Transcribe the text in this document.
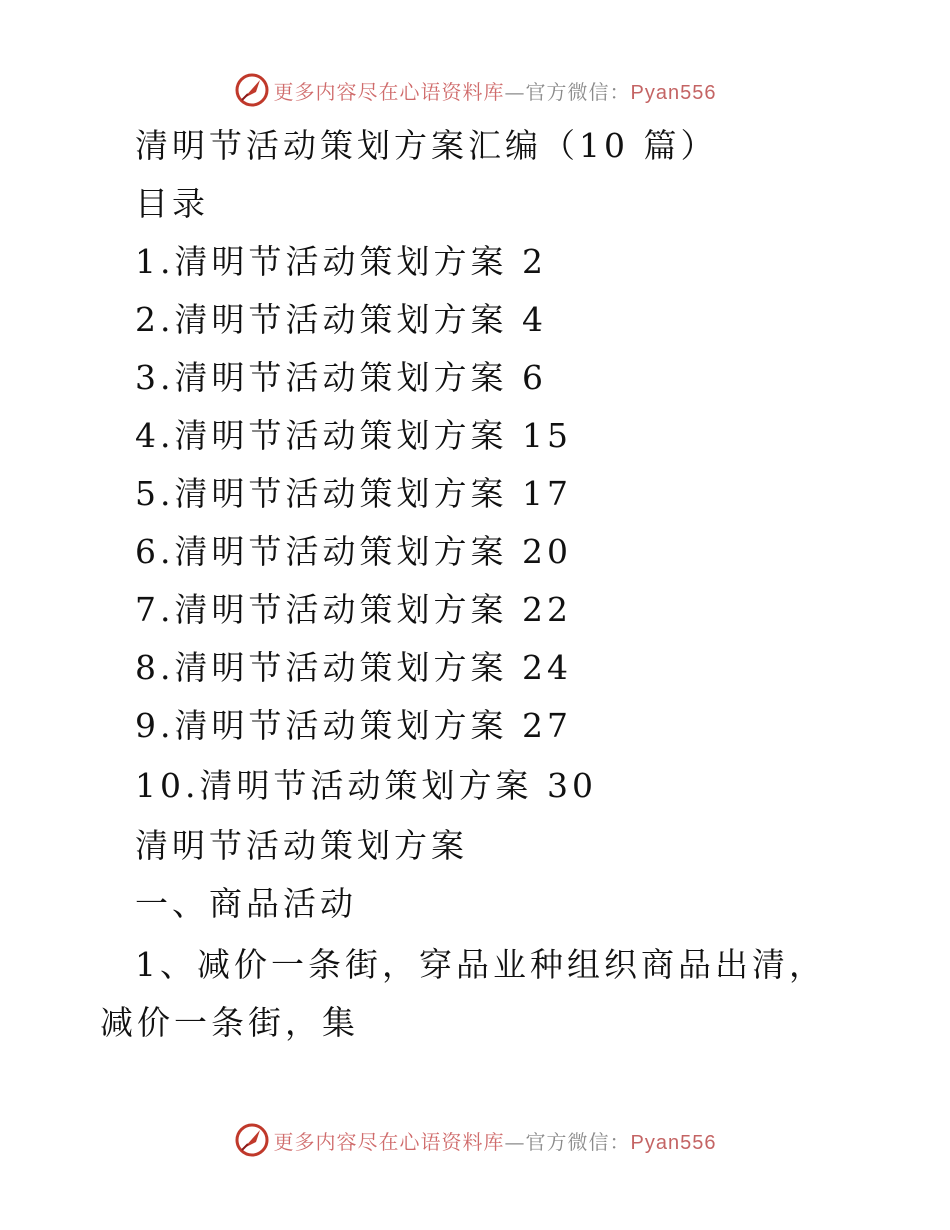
更多内容尽在心语资料库 — 官方微信： Pyan556
清明节活动策划方案汇编（10 篇）
目录
1.清明节活动策划方案 2
2.清明节活动策划方案 4
3.清明节活动策划方案 6
4.清明节活动策划方案 15
5.清明节活动策划方案 17
6.清明节活动策划方案 20
7.清明节活动策划方案 22
8.清明节活动策划方案 24
9.清明节活动策划方案 27
10.清明节活动策划方案 30
清明节活动策划方案
一、商品活动
1、减价一条街，穿品业种组织商品出清，减价一条街，集
更多内容尽在心语资料库 — 官方微信： Pyan556
